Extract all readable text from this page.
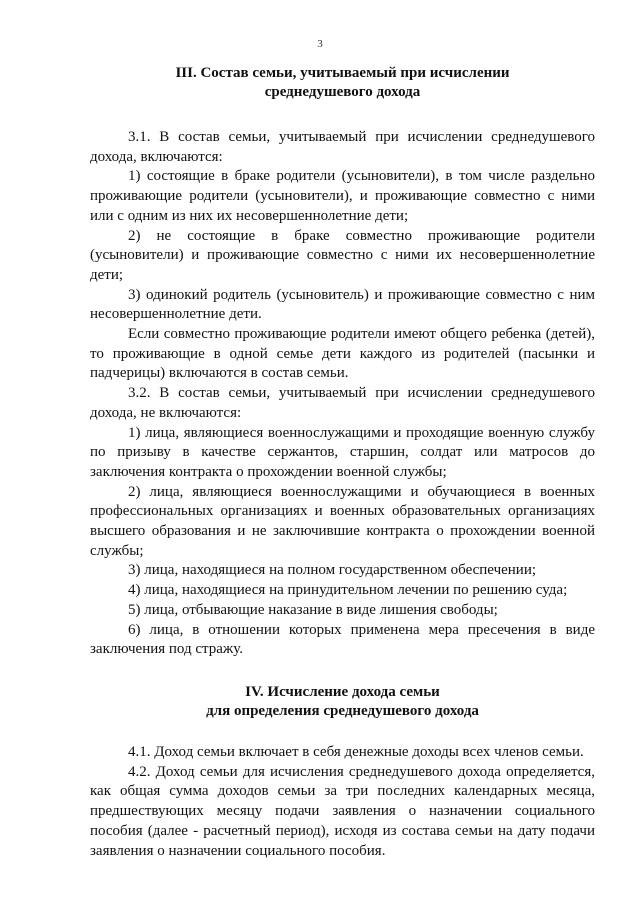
3
III. Состав семьи, учитываемый при исчислении
среднедушевого дохода

3.1. В состав семьи, учитываемый при исчислении среднедушевого дохода, включаются:

1) состоящие в браке родители (усыновители), в том числе раздельно проживающие родители (усыновители), и проживающие совместно с ними или с одним из них их несовершеннолетние дети;

2) не состоящие в браке совместно проживающие родители (усыновители) и проживающие совместно с ними их несовершеннолетние дети;

3) одинокий родитель (усыновитель) и проживающие совместно с ним несовершеннолетние дети.

Если совместно проживающие родители имеют общего ребенка (детей), то проживающие в одной семье дети каждого из родителей (пасынки и падчерицы) включаются в состав семьи.

3.2. В состав семьи, учитываемый при исчислении среднедушевого дохода, не включаются:

1) лица, являющиеся военнослужащими и проходящие военную службу по призыву в качестве сержантов, старшин, солдат или матросов до заключения контракта о прохождении военной службы;

2) лица, являющиеся военнослужащими и обучающиеся в военных профессиональных организациях и военных образовательных организациях высшего образования и не заключившие контракта о прохождении военной службы;

3) лица, находящиеся на полном государственном обеспечении;

4) лица, находящиеся на принудительном лечении по решению суда;

5) лица, отбывающие наказание в виде лишения свободы;

6) лица, в отношении которых применена мера пресечения в виде заключения под стражу.

IV. Исчисление дохода семьи
для определения среднедушевого дохода

4.1. Доход семьи включает в себя денежные доходы всех членов семьи.

4.2. Доход семьи для исчисления среднедушевого дохода определяется, как общая сумма доходов семьи за три последних календарных месяца, предшествующих месяцу подачи заявления о назначении социального пособия (далее - расчетный период), исходя из состава семьи на дату подачи заявления о назначении социального пособия.
